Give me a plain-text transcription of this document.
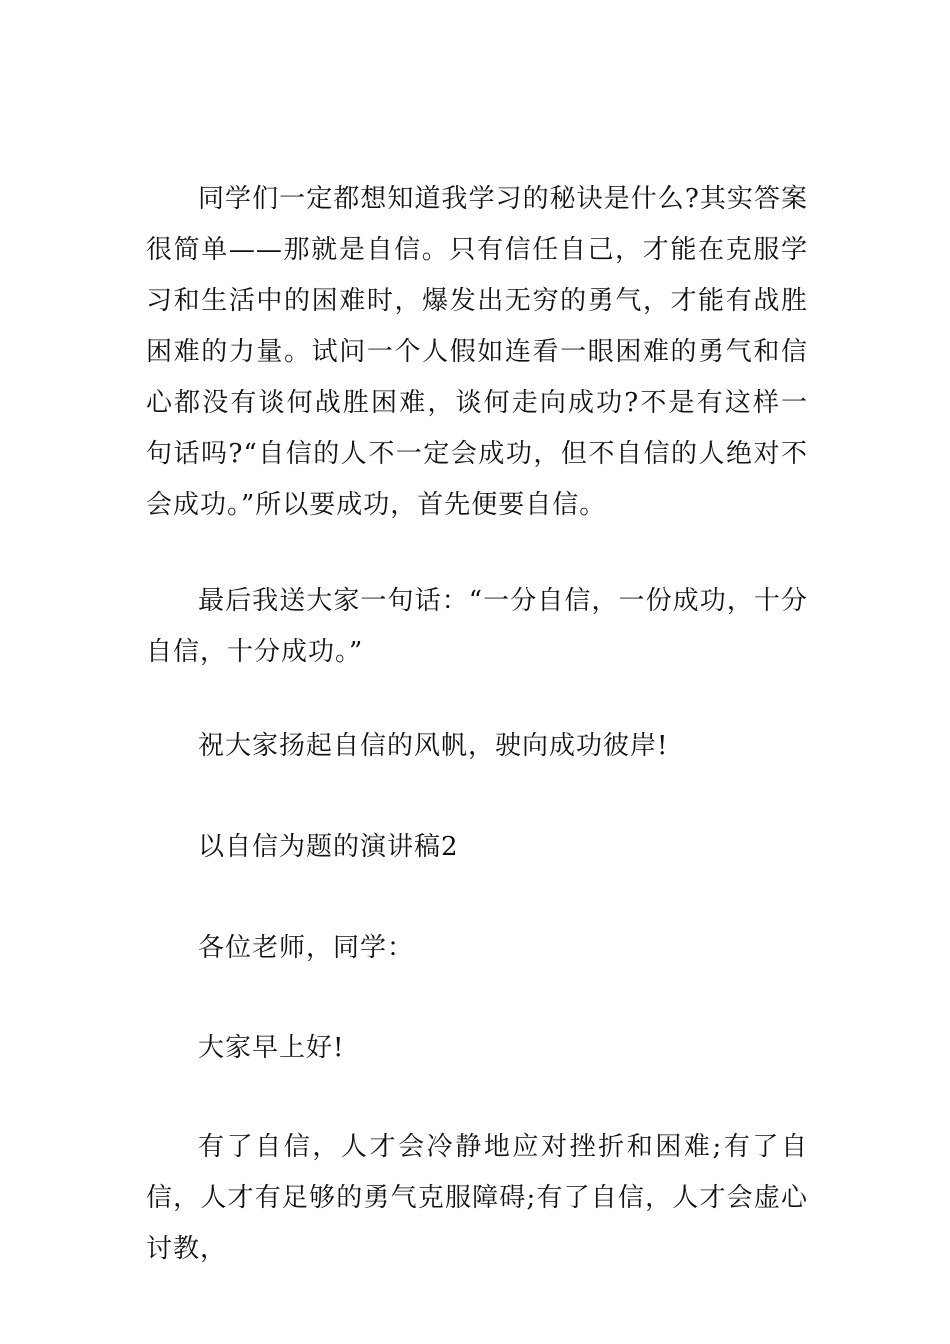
同学们一定都想知道我学习的秘诀是什么?其实答案很简单——那就是自信。只有信任自己，才能在克服学习和生活中的困难时，爆发出无穷的勇气，才能有战胜困难的力量。试问一个人假如连看一眼困难的勇气和信心都没有谈何战胜困难，谈何走向成功?不是有这样一句话吗?“自信的人不一定会成功，但不自信的人绝对不会成功。”所以要成功，首先便要自信。

最后我送大家一句话：“一分自信，一份成功，十分自信，十分成功。”

祝大家扬起自信的风帆，驶向成功彼岸!

以自信为题的演讲稿2

各位老师，同学：

大家早上好!

有了自信，人才会冷静地应对挫折和困难;有了自信，人才有足够的勇气克服障碍;有了自信，人才会虚心讨教，
